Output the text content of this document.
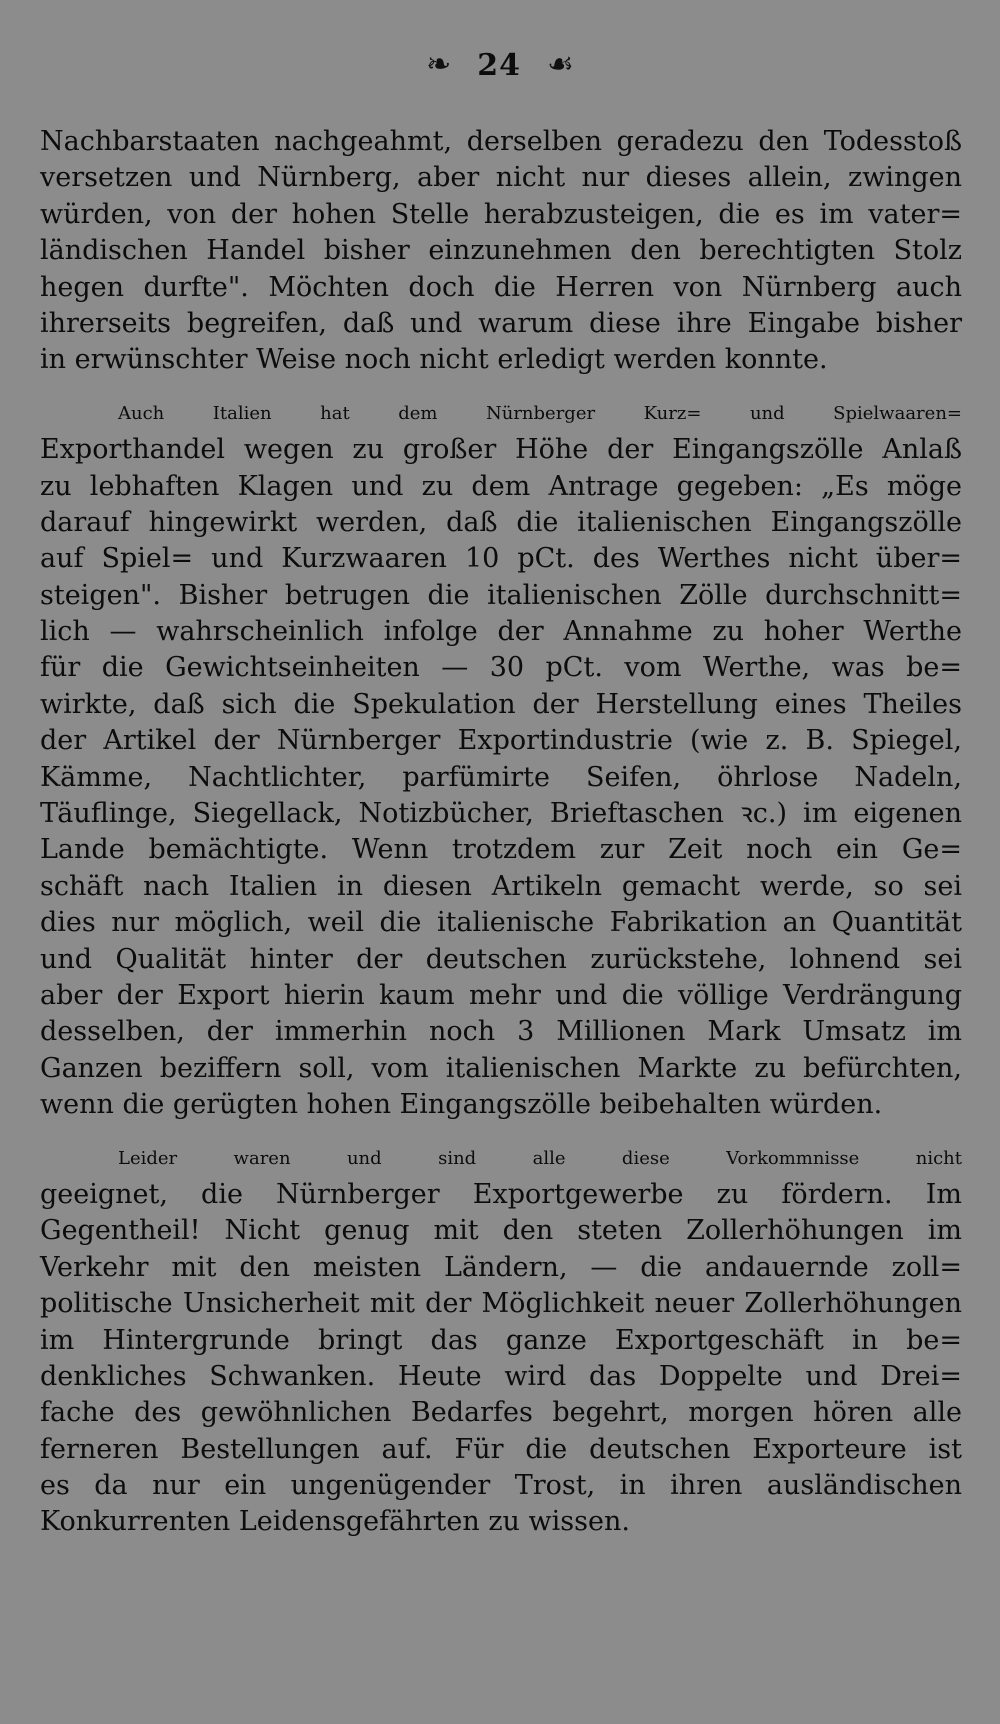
❧ 24 ☙
Nachbarstaaten nachgeahmt, derselben geradezu den Todesstoß
versetzen und Nürnberg, aber nicht nur dieses allein, zwingen
würden, von der hohen Stelle herabzusteigen, die es im vater=
ländischen Handel bisher einzunehmen den berechtigten Stolz
hegen durfte". Möchten doch die Herren von Nürnberg auch
ihrerseits begreifen, daß und warum diese ihre Eingabe bisher
in erwünschter Weise noch nicht erledigt werden konnte.
Auch Italien hat dem Nürnberger Kurz= und Spielwaaren=
Exporthandel wegen zu großer Höhe der Eingangszölle Anlaß
zu lebhaften Klagen und zu dem Antrage gegeben: „Es möge
darauf hingewirkt werden, daß die italienischen Eingangszölle
auf Spiel= und Kurzwaaren 10 pCt. des Werthes nicht über=
steigen". Bisher betrugen die italienischen Zölle durchschnitt=
lich — wahrscheinlich infolge der Annahme zu hoher Werthe
für die Gewichtseinheiten — 30 pCt. vom Werthe, was be=
wirkte, daß sich die Spekulation der Herstellung eines Theiles
der Artikel der Nürnberger Exportindustrie (wie z. B. Spiegel,
Kämme, Nachtlichter, parfümirte Seifen, öhrlose Nadeln,
Täuflinge, Siegellack, Notizbücher, Brieftaschen ꝛc.) im eigenen
Lande bemächtigte. Wenn trotzdem zur Zeit noch ein Ge=
schäft nach Italien in diesen Artikeln gemacht werde, so sei
dies nur möglich, weil die italienische Fabrikation an Quantität
und Qualität hinter der deutschen zurückstehe, lohnend sei
aber der Export hierin kaum mehr und die völlige Verdrängung
desselben, der immerhin noch 3 Millionen Mark Umsatz im
Ganzen beziffern soll, vom italienischen Markte zu befürchten,
wenn die gerügten hohen Eingangszölle beibehalten würden.
Leider waren und sind alle diese Vorkommnisse nicht
geeignet, die Nürnberger Exportgewerbe zu fördern. Im
Gegentheil! Nicht genug mit den steten Zollerhöhungen im
Verkehr mit den meisten Ländern, — die andauernde zoll=
politische Unsicherheit mit der Möglichkeit neuer Zollerhöhungen
im Hintergrunde bringt das ganze Exportgeschäft in be=
denkliches Schwanken. Heute wird das Doppelte und Drei=
fache des gewöhnlichen Bedarfes begehrt, morgen hören alle
ferneren Bestellungen auf. Für die deutschen Exporteure ist
es da nur ein ungenügender Trost, in ihren ausländischen
Konkurrenten Leidensgefährten zu wissen.
